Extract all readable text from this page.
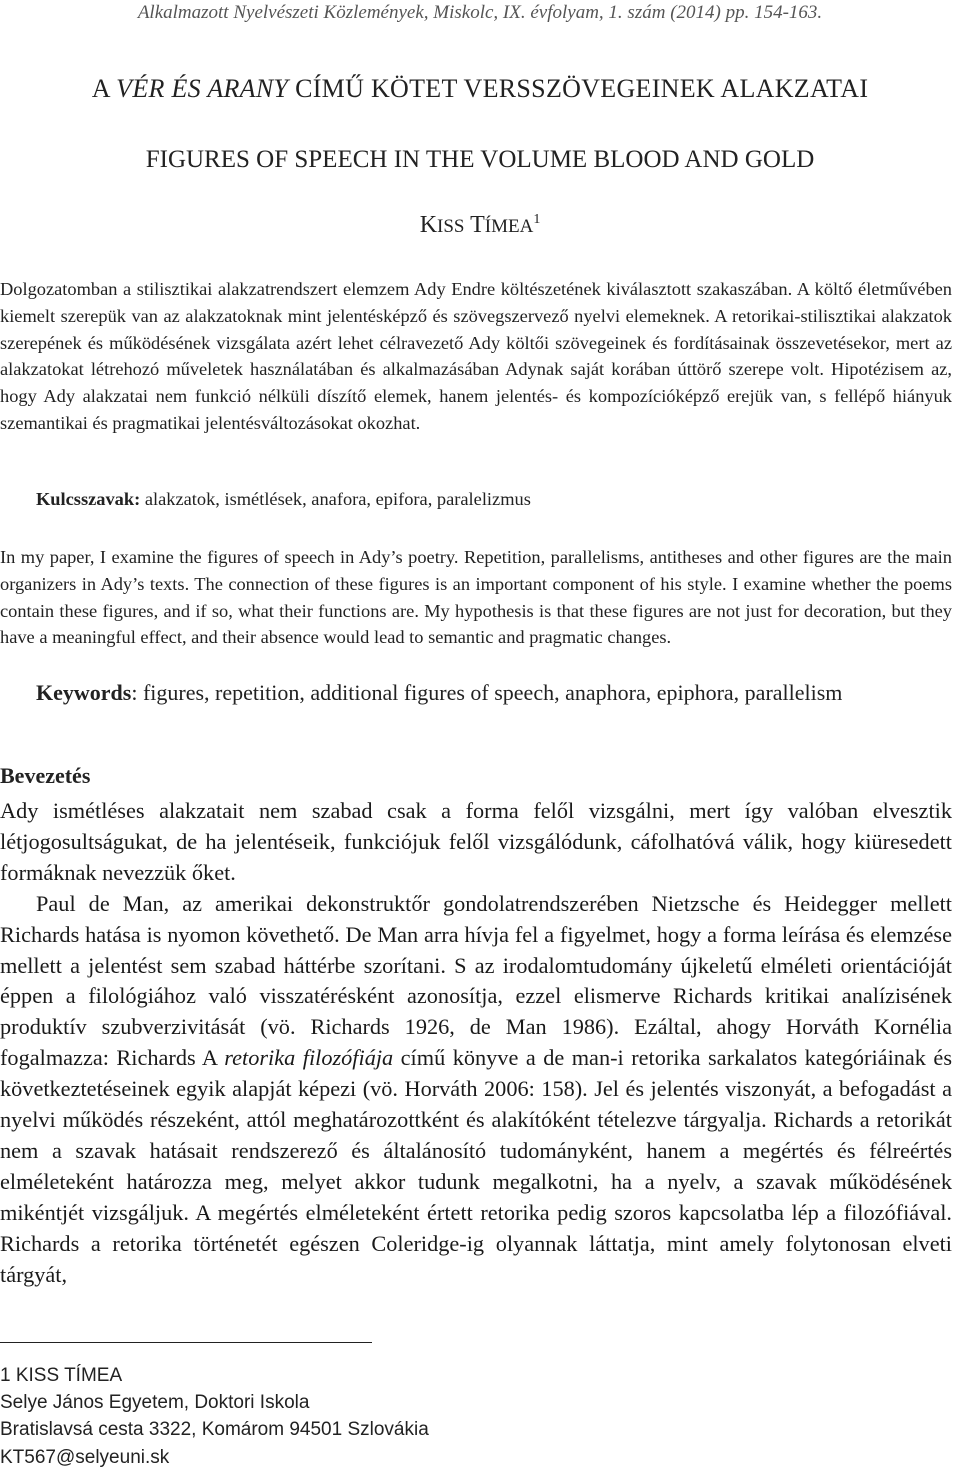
Alkalmazott Nyelvészeti Közlemények, Miskolc, IX. évfolyam, 1. szám (2014) pp. 154-163.
A VÉR ÉS ARANY CÍMŰ KÖTET VERSSZÖVEGEINEK ALAKZATAI
FIGURES OF SPEECH IN THE VOLUME BLOOD AND GOLD
KISS TÍMEA$^1$
Dolgozatomban a stilisztikai alakzatrendszert elemzem Ady Endre költészetének kiválasztott szakaszában. A költő életművében kiemelt szerepük van az alakzatoknak mint jelentésképző és szövegszervező nyelvi elemeknek. A retorikai-stilisztikai alakzatok szerepének és működésének vizsgálata azért lehet célravezető Ady költői szövegeinek és fordításainak összevetésekor, mert az alakzatokat létrehozó műveletek használatában és alkalmazásában Adynak saját korában úttörő szerepe volt. Hipotézisem az, hogy Ady alakzatai nem funkció nélküli díszítő elemek, hanem jelentés- és kompozícióképző erejük van, s fellépő hiányuk szemantikai és pragmatikai jelentésváltozásokat okozhat.
Kulcsszavak: alakzatok, ismétlések, anafora, epifora, paralelizmus
In my paper, I examine the figures of speech in Ady’s poetry. Repetition, parallelisms, antitheses and other figures are the main organizers in Ady’s texts. The connection of these figures is an important component of his style. I examine whether the poems contain these figures, and if so, what their functions are. My hypothesis is that these figures are not just for decoration, but they have a meaningful effect, and their absence would lead to semantic and pragmatic changes.
Keywords: figures, repetition, additional figures of speech, anaphora, epiphora, parallelism
Bevezetés

Ady ismétléses alakzatait nem szabad csak a forma felől vizsgálni, mert így valóban elvesztik létjogosultságukat, de ha jelentéseik, funkciójuk felől vizsgálódunk, cáfolhatóvá válik, hogy kiüresedett formáknak nevezzük őket.

Paul de Man, az amerikai dekonstruktőr gondolatrendszerében Nietzsche és Heidegger mellett Richards hatása is nyomon követhető. De Man arra hívja fel a figyelmet, hogy a forma leírása és elemzése mellett a jelentést sem szabad háttérbe szorítani. S az irodalomtudomány újkeletű elméleti orientációját éppen a filológiához való visszatérésként azonosítja, ezzel elismerve Richards kritikai analízisének produktív szubverzivitását (vö. Richards 1926, de Man 1986). Ezáltal, ahogy Horváth Kornélia fogalmazza: Richards A retorika filozófiája című könyve a de man-i retorika sarkalatos kategóriáinak és következtetéseinek egyik alapját képezi (vö. Horváth 2006: 158). Jel és jelentés viszonyát, a befogadást a nyelvi működés részeként, attól meghatározottként és alakítóként tételezve tárgyalja. Richards a retorikát nem a szavak hatásait rendszerező és általánosító tudományként, hanem a megértés és félreértés elméleteként határozza meg, melyet akkor tudunk megalkotni, ha a nyelv, a szavak működésének mikéntjét vizsgáljuk. A megértés elméleteként értett retorika pedig szoros kapcsolatba lép a filozófiával. Richards a retorika történetét egészen Coleridge-ig olyannak láttatja, mint amely folytonosan elveti tárgyát,

1 KISS TÍMEA
Selye János Egyetem, Doktori Iskola
Bratislavsá cesta 3322, Komárom 94501 Szlovákia
KT567@selyeuni.sk
